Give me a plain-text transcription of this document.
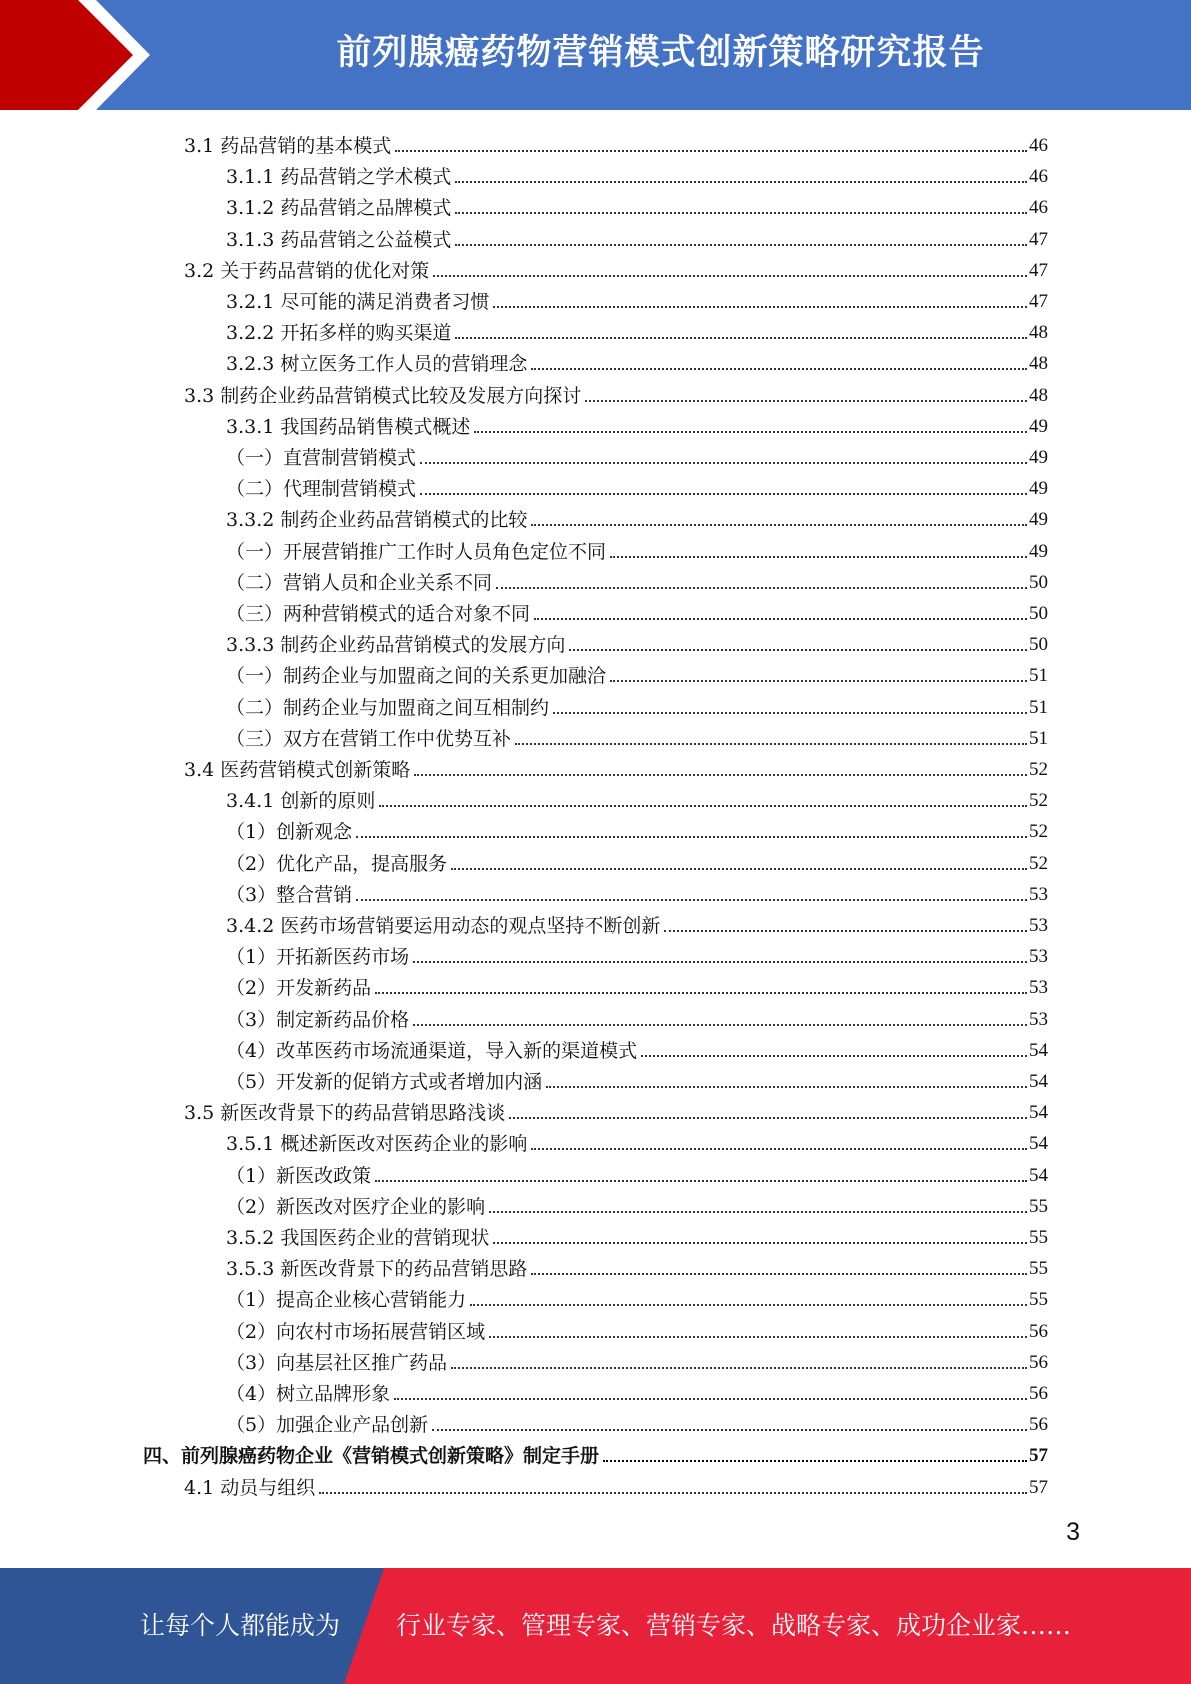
前列腺癌药物营销模式创新策略研究报告
3.1 药品营销的基本模式	46
3.1.1 药品营销之学术模式	46
3.1.2 药品营销之品牌模式	46
3.1.3 药品营销之公益模式	47
3.2 关于药品营销的优化对策	47
3.2.1 尽可能的满足消费者习惯	47
3.2.2 开拓多样的购买渠道	48
3.2.3 树立医务工作人员的营销理念	48
3.3 制药企业药品营销模式比较及发展方向探讨	48
3.3.1 我国药品销售模式概述	49
（一）直营制营销模式	49
（二）代理制营销模式	49
3.3.2 制药企业药品营销模式的比较	49
（一）开展营销推广工作时人员角色定位不同	49
（二）营销人员和企业关系不同	50
（三）两种营销模式的适合对象不同	50
3.3.3 制药企业药品营销模式的发展方向	50
（一）制药企业与加盟商之间的关系更加融洽	51
（二）制药企业与加盟商之间互相制约	51
（三）双方在营销工作中优势互补	51
3.4 医药营销模式创新策略	52
3.4.1 创新的原则	52
（1）创新观念	52
（2）优化产品，提高服务	52
（3）整合营销	53
3.4.2 医药市场营销要运用动态的观点坚持不断创新	53
（1）开拓新医药市场	53
（2）开发新药品	53
（3）制定新药品价格	53
（4）改革医药市场流通渠道，导入新的渠道模式	54
（5）开发新的促销方式或者增加内涵	54
3.5 新医改背景下的药品营销思路浅谈	54
3.5.1 概述新医改对医药企业的影响	54
（1）新医改政策	54
（2）新医改对医疗企业的影响	55
3.5.2 我国医药企业的营销现状	55
3.5.3 新医改背景下的药品营销思路	55
（1）提高企业核心营销能力	55
（2）向农村市场拓展营销区域	56
（3）向基层社区推广药品	56
（4）树立品牌形象	56
（5）加强企业产品创新	56
四、前列腺癌药物企业《营销模式创新策略》制定手册	57
4.1 动员与组织	57
3
让每个人都能成为 行业专家、管理专家、营销专家、战略专家、成功企业家……
